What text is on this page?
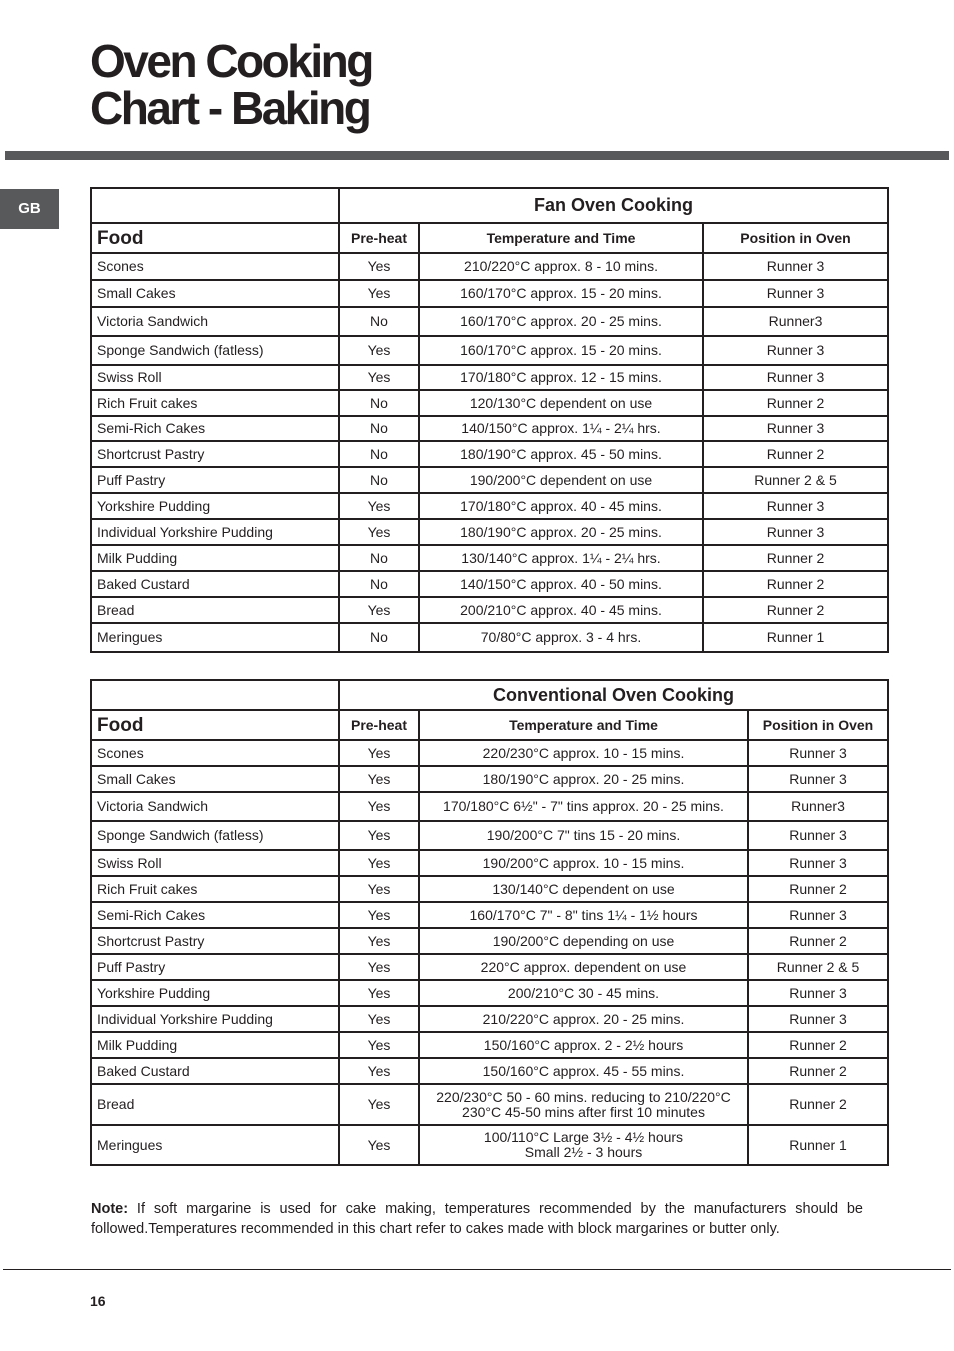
Oven Cooking
Chart - Baking
GB
		Fan Oven Cooking		
Food	Pre-heat	Temperature and Time	Position in Oven
Scones	Yes	210/220°C approx. 8 - 10 mins.	Runner 3
Small Cakes	Yes	160/170°C approx. 15 - 20 mins.	Runner 3
Victoria Sandwich	No	160/170°C approx. 20 - 25 mins.	Runner3
Sponge Sandwich (fatless)	Yes	160/170°C approx. 15 - 20 mins.	Runner 3
Swiss Roll	Yes	170/180°C approx. 12 - 15 mins.	Runner 3
Rich Fruit cakes	No	120/130°C dependent on use	Runner 2
Semi-Rich Cakes	No	140/150°C approx. 1¼ - 2¼ hrs.	Runner 3
Shortcrust Pastry	No	180/190°C approx. 45 - 50 mins.	Runner 2
Puff Pastry	No	190/200°C dependent on use	Runner 2 & 5
Yorkshire Pudding	Yes	170/180°C approx. 40 - 45 mins.	Runner 3
Individual Yorkshire Pudding	Yes	180/190°C approx. 20 - 25 mins.	Runner 3
Milk Pudding	No	130/140°C approx. 1¼ - 2¼ hrs.	Runner 2
Baked Custard	No	140/150°C approx. 40 - 50 mins.	Runner 2
Bread	Yes	200/210°C approx. 40 - 45 mins.	Runner 2
Meringues	No	70/80°C approx. 3 - 4 hrs.	Runner 1
	Conventional Oven Cooking		
Food	Pre-heat	Temperature and Time	Position in Oven
Scones	Yes	220/230°C approx. 10 - 15 mins.	Runner 3
Small Cakes	Yes	180/190°C approx. 20 - 25 mins.	Runner 3
Victoria Sandwich	Yes	170/180°C 6½" - 7" tins approx. 20 - 25 mins.	Runner3
Sponge Sandwich (fatless)	Yes	190/200°C 7" tins 15 - 20 mins.	Runner 3
Swiss Roll	Yes	190/200°C approx. 10 - 15 mins.	Runner 3
Rich Fruit cakes	Yes	130/140°C dependent on use	Runner 2
Semi-Rich Cakes	Yes	160/170°C 7" - 8" tins 1¼ - 1½ hours	Runner 3
Shortcrust Pastry	Yes	190/200°C depending on use	Runner 2
Puff Pastry	Yes	220°C approx. dependent on use	Runner 2 & 5
Yorkshire Pudding	Yes	200/210°C 30 - 45 mins.	Runner 3
Individual Yorkshire Pudding	Yes	210/220°C approx. 20 - 25 mins.	Runner 3
Milk Pudding	Yes	150/160°C approx. 2 - 2½ hours	Runner 2
Baked Custard	Yes	150/160°C approx. 45 - 55 mins.	Runner 2
Bread	Yes	220/230°C 50 - 60 mins. reducing to 210/220°C
230°C 45-50 mins after first 10 minutes	Runner 2
Meringues	Yes	100/110°C Large 3½ - 4½ hours
Small 2½ - 3 hours	Runner 1

Note: If soft margarine is used for cake making, temperatures recommended by the manufacturers should be followed.Temperatures recommended in this chart refer to cakes made with block margarines or butter only.

16
